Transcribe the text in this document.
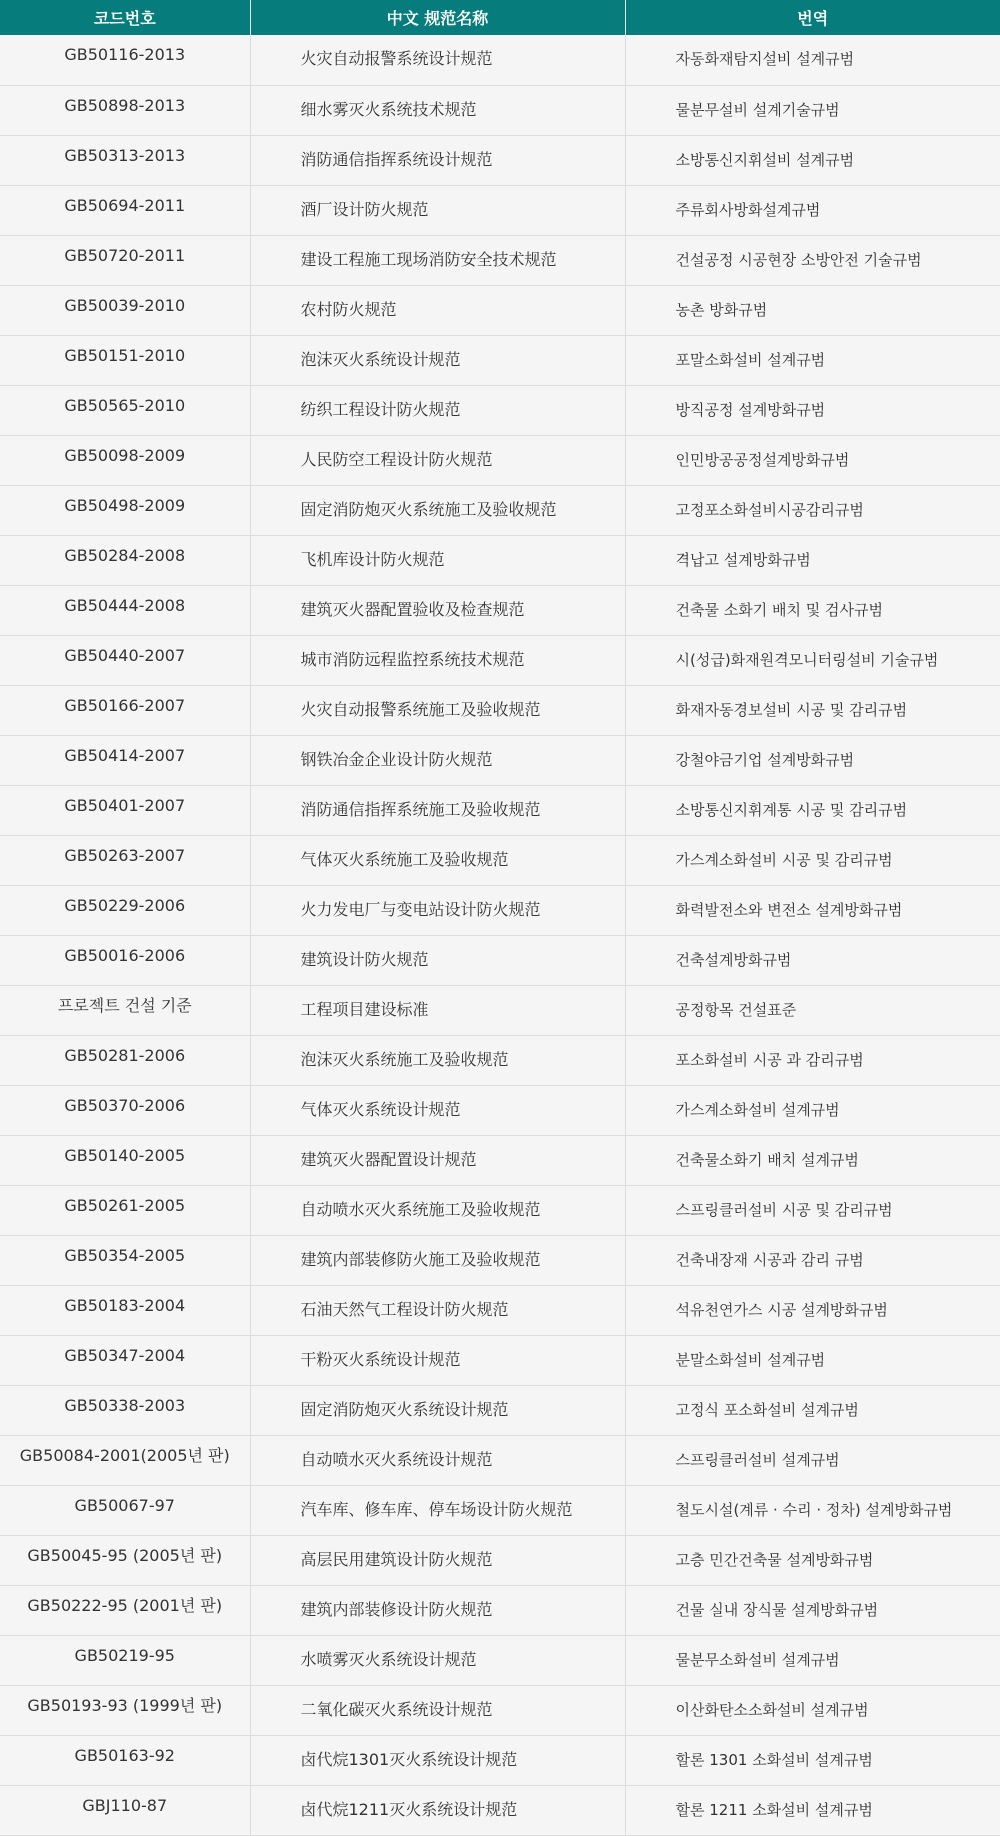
코드번호	中文 规范名称	번역

GB50116-2013	火灾自动报警系统设计规范	자동화재탐지설비 설계규범

GB50898-2013	细水雾灭火系统技术规范	물분무설비 설계기술규범

GB50313-2013	消防通信指挥系统设计规范	소방통신지휘설비 설계규범

GB50694-2011	酒厂设计防火规范	주류회사방화설계규범

GB50720-2011	建设工程施工现场消防安全技术规范	건설공정 시공현장 소방안전 기술규범

GB50039-2010	农村防火规范	농촌 방화규범

GB50151-2010	泡沫灭火系统设计规范	포말소화설비 설계규범

GB50565-2010	纺织工程设计防火规范	방직공정 설계방화규범

GB50098-2009	人民防空工程设计防火规范	인민방공공정설계방화규범

GB50498-2009	固定消防炮灭火系统施工及验收规范	고정포소화설비시공감리규범

GB50284-2008	飞机库设计防火规范	격납고 설계방화규범

GB50444-2008	建筑灭火器配置验收及检查规范	건축물 소화기 배치 및 검사규범

GB50440-2007	城市消防远程监控系统技术规范	시(성급)화재원격모니터링설비 기술규범

GB50166-2007	火灾自动报警系统施工及验收规范	화재자동경보설비 시공 및 감리규범

GB50414-2007	钢铁冶金企业设计防火规范	강철야금기업 설계방화규범

GB50401-2007	消防通信指挥系统施工及验收规范	소방통신지휘계통 시공 및 감리규범

GB50263-2007	气体灭火系统施工及验收规范	가스계소화설비 시공 및 감리규범

GB50229-2006	火力发电厂与变电站设计防火规范	화력발전소와 변전소 설계방화규범

GB50016-2006	建筑设计防火规范	건축설계방화규범

프로젝트 건설 기준	工程项目建设标准	공정항목 건설표준

GB50281-2006	泡沫灭火系统施工及验收规范	포소화설비 시공 과 감리규범

GB50370-2006	气体灭火系统设计规范	가스계소화설비 설계규범

GB50140-2005	建筑灭火器配置设计规范	건축물소화기 배치 설계규범

GB50261-2005	自动喷水灭火系统施工及验收规范	스프링클러설비 시공 및 감리규범

GB50354-2005	建筑内部装修防火施工及验收规范	건축내장재 시공과 감리 규범

GB50183-2004	石油天然气工程设计防火规范	석유천연가스 시공 설계방화규범

GB50347-2004	干粉灭火系统设计规范	분말소화설비 설계규범

GB50338-2003	固定消防炮灭火系统设计规范	고정식 포소화설비 설계규범

GB50084-2001(2005년 판)	自动喷水灭火系统设计规范	스프링클러설비 설계규범

GB50067-97	汽车库、修车库、停车场设计防火规范	철도시설(계류 · 수리 · 정차) 설계방화규범

GB50045-95 (2005년 판)	高层民用建筑设计防火规范	고층 민간건축물 설계방화규범

GB50222-95 (2001년 판)	建筑内部装修设计防火规范	건물 실내 장식물 설계방화규범

GB50219-95	水喷雾灭火系统设计规范	물분무소화설비 설계규범

GB50193-93 (1999년 판)	二氧化碳灭火系统设计规范	이산화탄소소화설비 설계규범

GB50163-92	卤代烷1301灭火系统设计规范	할론 1301 소화설비 설계규범

GBJ110-87	卤代烷1211灭火系统设计规范	할론 1211 소화설비 설계규범
